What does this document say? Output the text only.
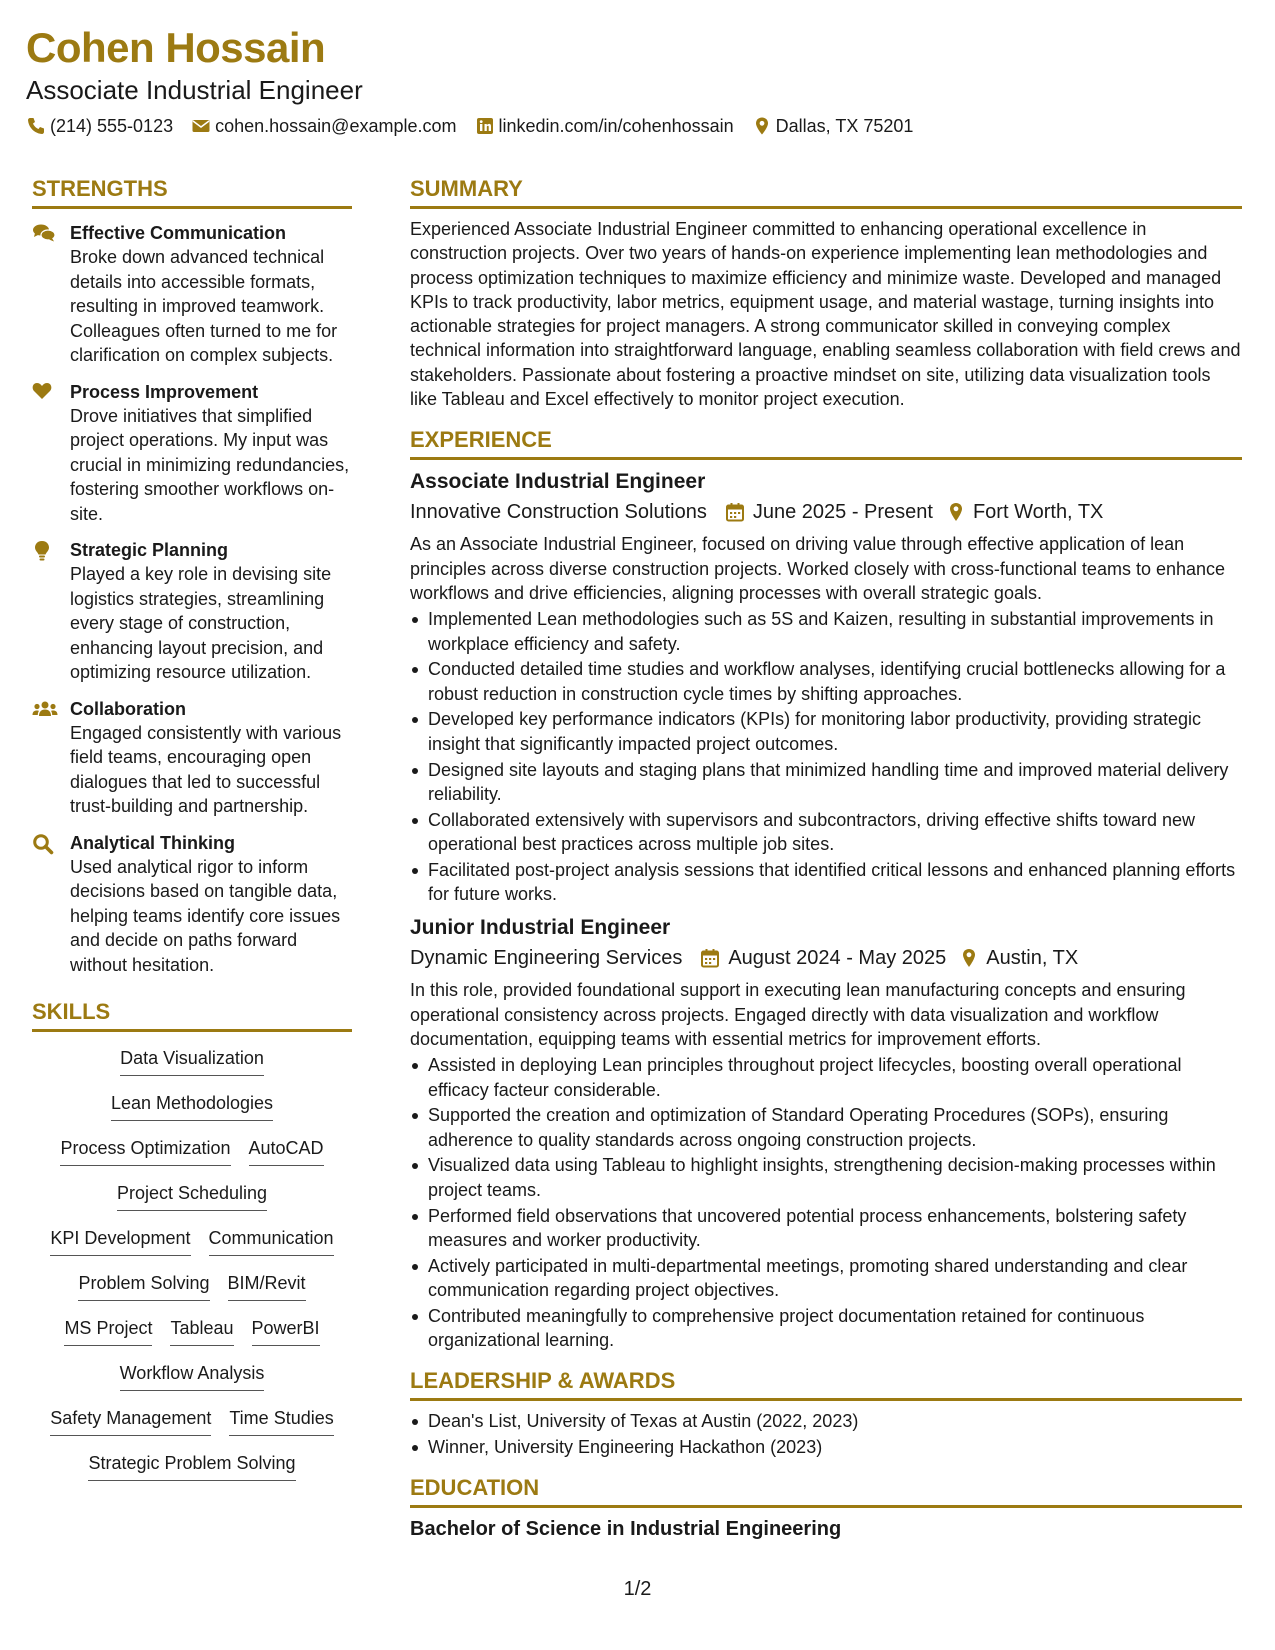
Cohen Hossain
Associate Industrial Engineer
(214) 555-0123 cohen.hossain@example.com linkedin.com/in/cohenhossain Dallas, TX 75201
STRENGTHS
Effective Communication
Broke down advanced technical details into accessible formats, resulting in improved teamwork. Colleagues often turned to me for clarification on complex subjects.
Process Improvement
Drove initiatives that simplified project operations. My input was crucial in minimizing redundancies, fostering smoother workflows on-site.
Strategic Planning
Played a key role in devising site logistics strategies, streamlining every stage of construction, enhancing layout precision, and optimizing resource utilization.
Collaboration
Engaged consistently with various field teams, encouraging open dialogues that led to successful trust-building and partnership.
Analytical Thinking
Used analytical rigor to inform decisions based on tangible data, helping teams identify core issues and decide on paths forward without hesitation.
SKILLS
Data Visualization
Lean Methodologies
Process Optimization AutoCAD
Project Scheduling
KPI Development Communication
Problem Solving BIM/Revit
MS Project Tableau PowerBI
Workflow Analysis
Safety Management Time Studies
Strategic Problem Solving
SUMMARY
Experienced Associate Industrial Engineer committed to enhancing operational excellence in construction projects. Over two years of hands-on experience implementing lean methodologies and process optimization techniques to maximize efficiency and minimize waste. Developed and managed KPIs to track productivity, labor metrics, equipment usage, and material wastage, turning insights into actionable strategies for project managers. A strong communicator skilled in conveying complex technical information into straightforward language, enabling seamless collaboration with field crews and stakeholders. Passionate about fostering a proactive mindset on site, utilizing data visualization tools like Tableau and Excel effectively to monitor project execution.
EXPERIENCE
Associate Industrial Engineer
Innovative Construction Solutions June 2025 - Present Fort Worth, TX
As an Associate Industrial Engineer, focused on driving value through effective application of lean principles across diverse construction projects. Worked closely with cross-functional teams to enhance workflows and drive efficiencies, aligning processes with overall strategic goals.
Implemented Lean methodologies such as 5S and Kaizen, resulting in substantial improvements in workplace efficiency and safety.
Conducted detailed time studies and workflow analyses, identifying crucial bottlenecks allowing for a robust reduction in construction cycle times by shifting approaches.
Developed key performance indicators (KPIs) for monitoring labor productivity, providing strategic insight that significantly impacted project outcomes.
Designed site layouts and staging plans that minimized handling time and improved material delivery reliability.
Collaborated extensively with supervisors and subcontractors, driving effective shifts toward new operational best practices across multiple job sites.
Facilitated post-project analysis sessions that identified critical lessons and enhanced planning efforts for future works.
Junior Industrial Engineer
Dynamic Engineering Services August 2024 - May 2025 Austin, TX
In this role, provided foundational support in executing lean manufacturing concepts and ensuring operational consistency across projects. Engaged directly with data visualization and workflow documentation, equipping teams with essential metrics for improvement efforts.
Assisted in deploying Lean principles throughout project lifecycles, boosting overall operational efficacy facteur considerable.
Supported the creation and optimization of Standard Operating Procedures (SOPs), ensuring adherence to quality standards across ongoing construction projects.
Visualized data using Tableau to highlight insights, strengthening decision-making processes within project teams.
Performed field observations that uncovered potential process enhancements, bolstering safety measures and worker productivity.
Actively participated in multi-departmental meetings, promoting shared understanding and clear communication regarding project objectives.
Contributed meaningfully to comprehensive project documentation retained for continuous organizational learning.
LEADERSHIP & AWARDS
Dean's List, University of Texas at Austin (2022, 2023)
Winner, University Engineering Hackathon (2023)
EDUCATION
Bachelor of Science in Industrial Engineering
1/2
